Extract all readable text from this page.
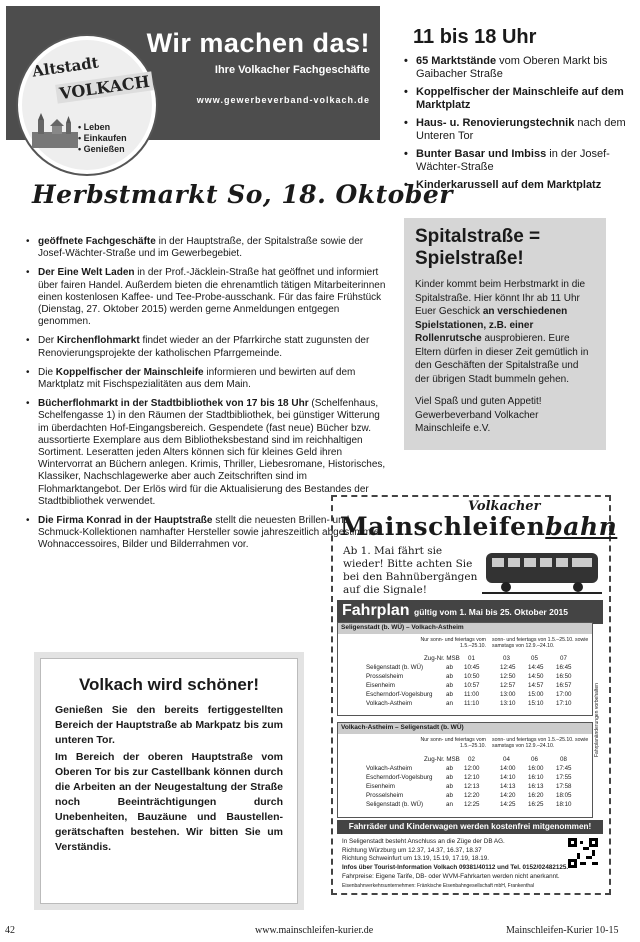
Wir machen das!
Ihre Volkacher Fachgeschäfte
www.gewerbeverband-volkach.de
Altstadt
VOLKACH
• Leben
• Einkaufen
• Genießen
11 bis 18 Uhr
• 65 Marktstände vom Oberen Markt bis Gaibacher Straße
• Koppelfischer der Mainschleife auf dem Marktplatz
• Haus- u. Renovierungstechnik nach dem Unteren Tor
• Bunter Basar und Imbiss in der Josef-Wächter-Straße
• Kinderkarussell auf dem Marktplatz
Herbstmarkt So, 18. Oktober
• geöffnete Fachgeschäfte in der Hauptstraße, der Spitalstraße sowie der Josef-Wächter-Straße und im Gewerbegebiet.
• Der Eine Welt Laden in der Prof.-Jäcklein-Straße hat geöffnet und informiert über fairen Handel. Außerdem bieten die ehrenamtlich tätigen Mitarbeiterinnen einen kostenlosen Kaffee- und Tee-Probe-ausschank. Für das faire Frühstück (Dienstag, 27. Oktober 2015) werden gerne Anmeldungen entgegen genommen.
• Der Kirchenflohmarkt findet wieder an der Pfarrkirche statt zugunsten der Renovierungsprojekte der katholischen Pfarrgemeinde.
• Die Koppelfischer der Mainschleife informieren und bewirten auf dem Marktplatz mit Fischspezialitäten aus dem Main.
• Bücherflohmarkt in der Stadtbibliothek von 17 bis 18 Uhr (Schelfenhaus, Schelfengasse 1) in den Räumen der Stadtbibliothek, bei günstiger Witterung im überdachten Hof-Eingangsbereich. Gespendete (fast neue) Bücher bzw. aussortierte Exemplare aus dem Bibliotheksbestand sind im reichhaltigen Sortiment. Leseratten jeden Alters können sich für kleines Geld ihren Wintervorrat an Büchern anlegen. Krimis, Thriller, Liebesromane, Historisches, Klassiker, Nachschlagewerke aber auch Zeitschriften sind im Flohmarktangebot. Der Erlös wird für die Aktualisierung des Bestandes der Stadtbibliothek verwendet.
• Die Firma Konrad in der Hauptstraße stellt die neuesten Brillen- und Schmuck-Kollektionen namhafter Hersteller sowie jahreszeitlich abgestimmte Wohnaccessoires, Bilder und Bilderrahmen vor.
Spitalstraße = Spielstraße!
Kinder kommt beim Herbstmarkt in die Spitalstraße. Hier könnt Ihr ab 11 Uhr Euer Geschick an verschiedenen Spielstationen, z.B. einer Rollenrutsche ausprobieren. Eure Eltern dürfen in dieser Zeit gemütlich in den Geschäften der Spitalstraße und der übrigen Stadt bummeln gehen.
Viel Spaß und guten Appetit! Gewerbeverband Volkacher Mainschleife e.V.
Volkach wird schöner!
Genießen Sie den bereits fertiggestellten Bereich der Hauptstraße ab Markpatz bis zum unteren Tor.
Im Bereich der oberen Hauptstraße vom Oberen Tor bis zur Castellbank können durch die Arbeiten an der Neugestaltung der Straße noch Beeinträchtigungen durch Unebenheiten, Bauzäune und Baustellen-gerätschaften bestehen. Wir bitten Sie um Verständis.
Volkacher
Mainschleifenbahn
Ab 1. Mai fährt sie wieder! Bitte achten Sie bei den Bahnübergängen auf die Signale!
Fahrplan gültig vom 1. Mai bis 25. Oktober 2015
Seligenstadt (b. WÜ) – Volkach-Astheim
Nur sonn- und feiertags vom 1.5.–25.10.
sonn- und feiertags von 1.5.–25.10. sowie samstags von 12.9.–24.10.
Zug-Nr. MSB 01	03	05	07
Seligenstadt (b. WÜ)	ab 10:45	12:45 14:45 16:45
Prosselsheim	ab 10:50	12:50 14:50 16:50
Eisenheim	ab 10:57	12:57 14:57 16:57
Escherndorf-Vogelsburg ab 11:00	13:00 15:00 17:00
Volkach-Astheim	an 11:10	13:10 15:10 17:10
Volkach-Astheim – Seligenstadt (b. WÜ)
Nur sonn- und feiertags vom 1.5.–25.10.
sonn- und feiertags von 1.5.–25.10. sowie samstags von 12.9.–24.10.
Zug-Nr. MSB 02	04	06	08
Volkach-Astheim	ab 12:00	14:00 16:00 17:45
Escherndorf-Vogelsburg ab 12:10	14:10 16:10 17:55
Eisenheim	ab 12:13	14:13 16:13 17:58
Prosselsheim	ab 12:20	14:20 16:20 18:05
Seligenstadt (b. WÜ)	an 12:25	14:25 16:25 18:10
Fahrplanänderungen vorbehalten
Fahrräder und Kinderwagen werden kostenfrei mitgenommen!
In Seligenstadt besteht Anschluss an die Züge der DB AG.
Richtung Würzburg um 12.37, 14.37, 16.37, 18.37
Richtung Schweinfurt um 13.19, 15.19, 17.19, 18.19.
Infos über Tourist-Information Volkach 09381/40112 und Tel. 0152/02482125.
Fahrpreise: Eigene Tarife, DB- oder WVM-Fahrkarten werden nicht anerkannt.
Eisenbahnverkehrsunternehmen: Fränkische Eisenbahngesellschaft mbH, Frankenthal
42	www.mainschleifen-kurier.de	Mainschleifen-Kurier 10-15
